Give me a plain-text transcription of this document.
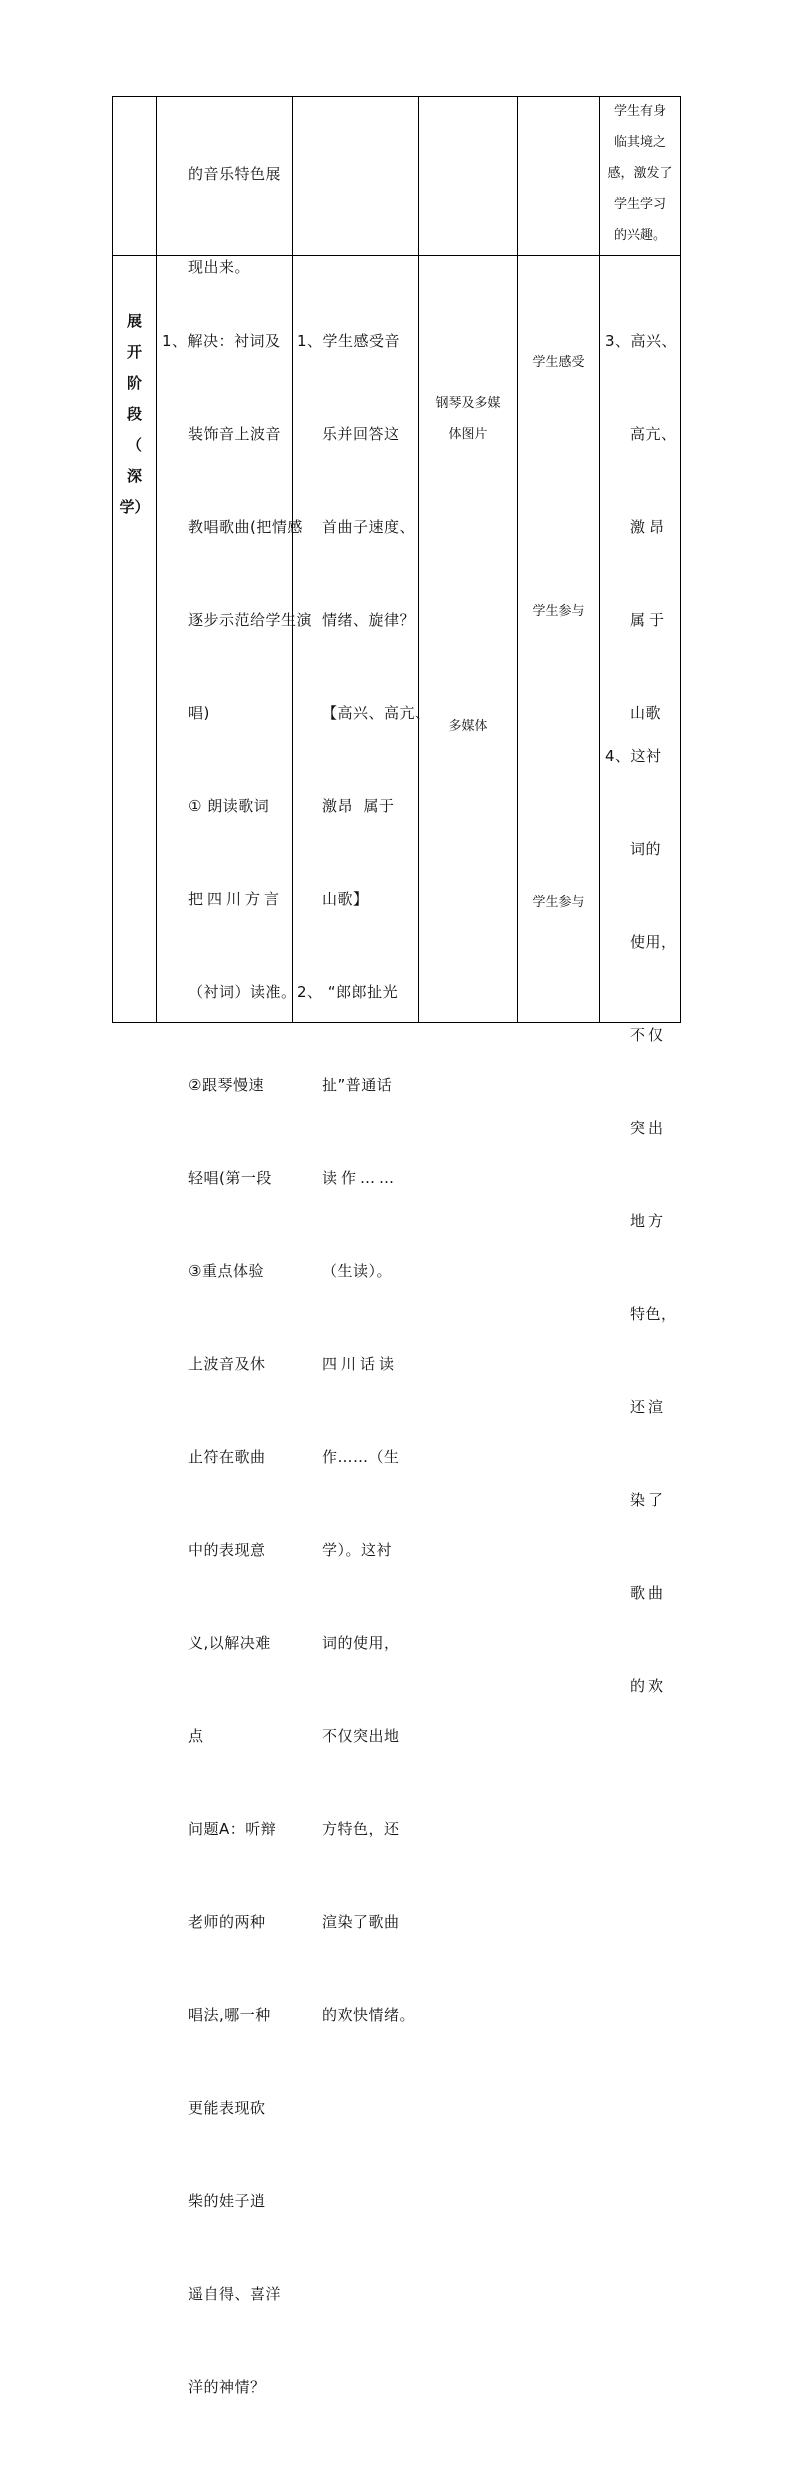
的音乐特色展

现出来。

学生有身
临其境之
感，激发了
学生学习
的兴趣。
展
开
阶
段
（
深
学）

1、解决：衬词及

装饰音上波音

教唱歌曲(把情感

逐步示范给学生演

唱)

① 朗读歌词

把四川方言

（衬词）读准。

②跟琴慢速

轻唱(第一段

③重点体验

上波音及休

止符在歌曲

中的表现意

义,以解决难

点

问题A：听辩

老师的两种

唱法,哪一种

更能表现砍

柴的娃子逍

遥自得、喜洋

洋的神情？

1、学生感受音

乐并回答这

首曲子速度、

情绪、旋律？

【高兴、高亢、

激昂  属于

山歌】

2、 “郎郎扯光

扯”普通话

读作……

（生读）。

四川话读

作……（生

学）。这衬

词的使用，

不仅突出地

方特色，还

渲染了歌曲

的欢快情绪。

钢琴及多媒
体图片
多媒体
学生感受
学生参与
学生参与

3、高兴、

高亢、

激昂

属于

山歌

4、这衬

词的

使用，

不仅

突出

地方

特色，

还渲

染了

歌曲

的欢
